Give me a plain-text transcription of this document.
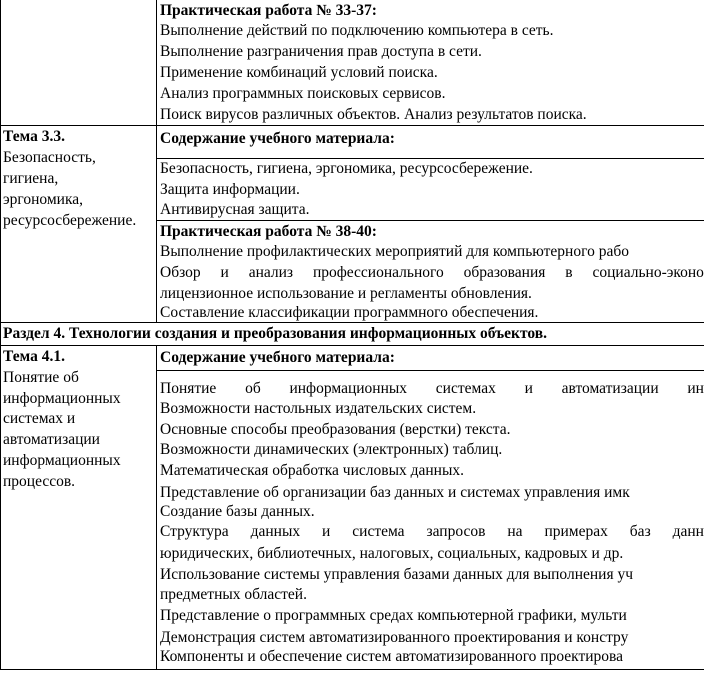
Практическая работа № 33-37:
Выполнение действий по подключению компьютера в сеть.
Выполнение разграничения прав доступа в сети.
Применение комбинаций условий поиска.
Анализ программных поисковых сервисов.
Поиск вирусов различных объектов. Анализ результатов поиска.
Тема 3.3.
Безопасность,
гигиена,
эргономика,
ресурсосбережение.
Содержание учебного материала:
Безопасность, гигиена, эргономика, ресурсосбережение.
Защита информации.
Антивирусная защита.
Практическая работа № 38-40:
Выполнение профилактических мероприятий для компьютерного рабо
Обзор и анализ профессионального образования в социально-эконо
лицензионное использование и регламенты обновления.
Составление классификации программного обеспечения.
Раздел 4. Технологии создания и преобразования информационных объектов.
Тема 4.1.
Понятие об
информационных
системах и
автоматизации
информационных
процессов.
Содержание учебного материала:
Понятие об информационных системах и автоматизации ин
Возможности настольных издательских систем.
Основные способы преобразования (верстки) текста.
Возможности динамических (электронных) таблиц.
Математическая обработка числовых данных.
Представление об организации баз данных и системах управления имк
Создание базы данных.
Структура данных и система запросов на примерах баз данн
юридических, библиотечных, налоговых, социальных, кадровых и др.
Использование системы управления базами данных для выполнения уч
предметных областей.
Представление о программных средах компьютерной графики, мульти
Демонстрация систем автоматизированного проектирования и констру
Компоненты и обеспечение систем автоматизированного проектирова
